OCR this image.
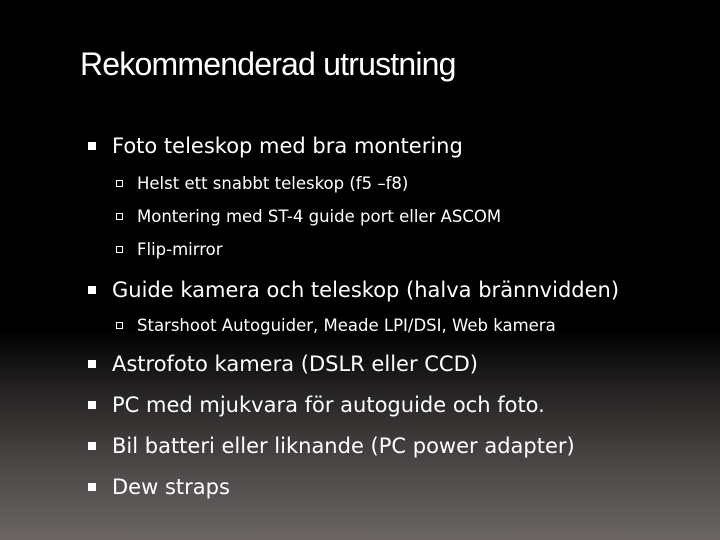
Rekommenderad utrustning
Foto teleskop med bra montering
Helst ett snabbt teleskop (f5 –f8)
Montering med ST-4 guide port eller ASCOM
Flip-mirror
Guide kamera och teleskop (halva brännvidden)
Starshoot Autoguider, Meade LPI/DSI, Web kamera
Astrofoto kamera (DSLR eller CCD)
PC med mjukvara för autoguide och foto.
Bil batteri eller liknande (PC power adapter)
Dew straps
